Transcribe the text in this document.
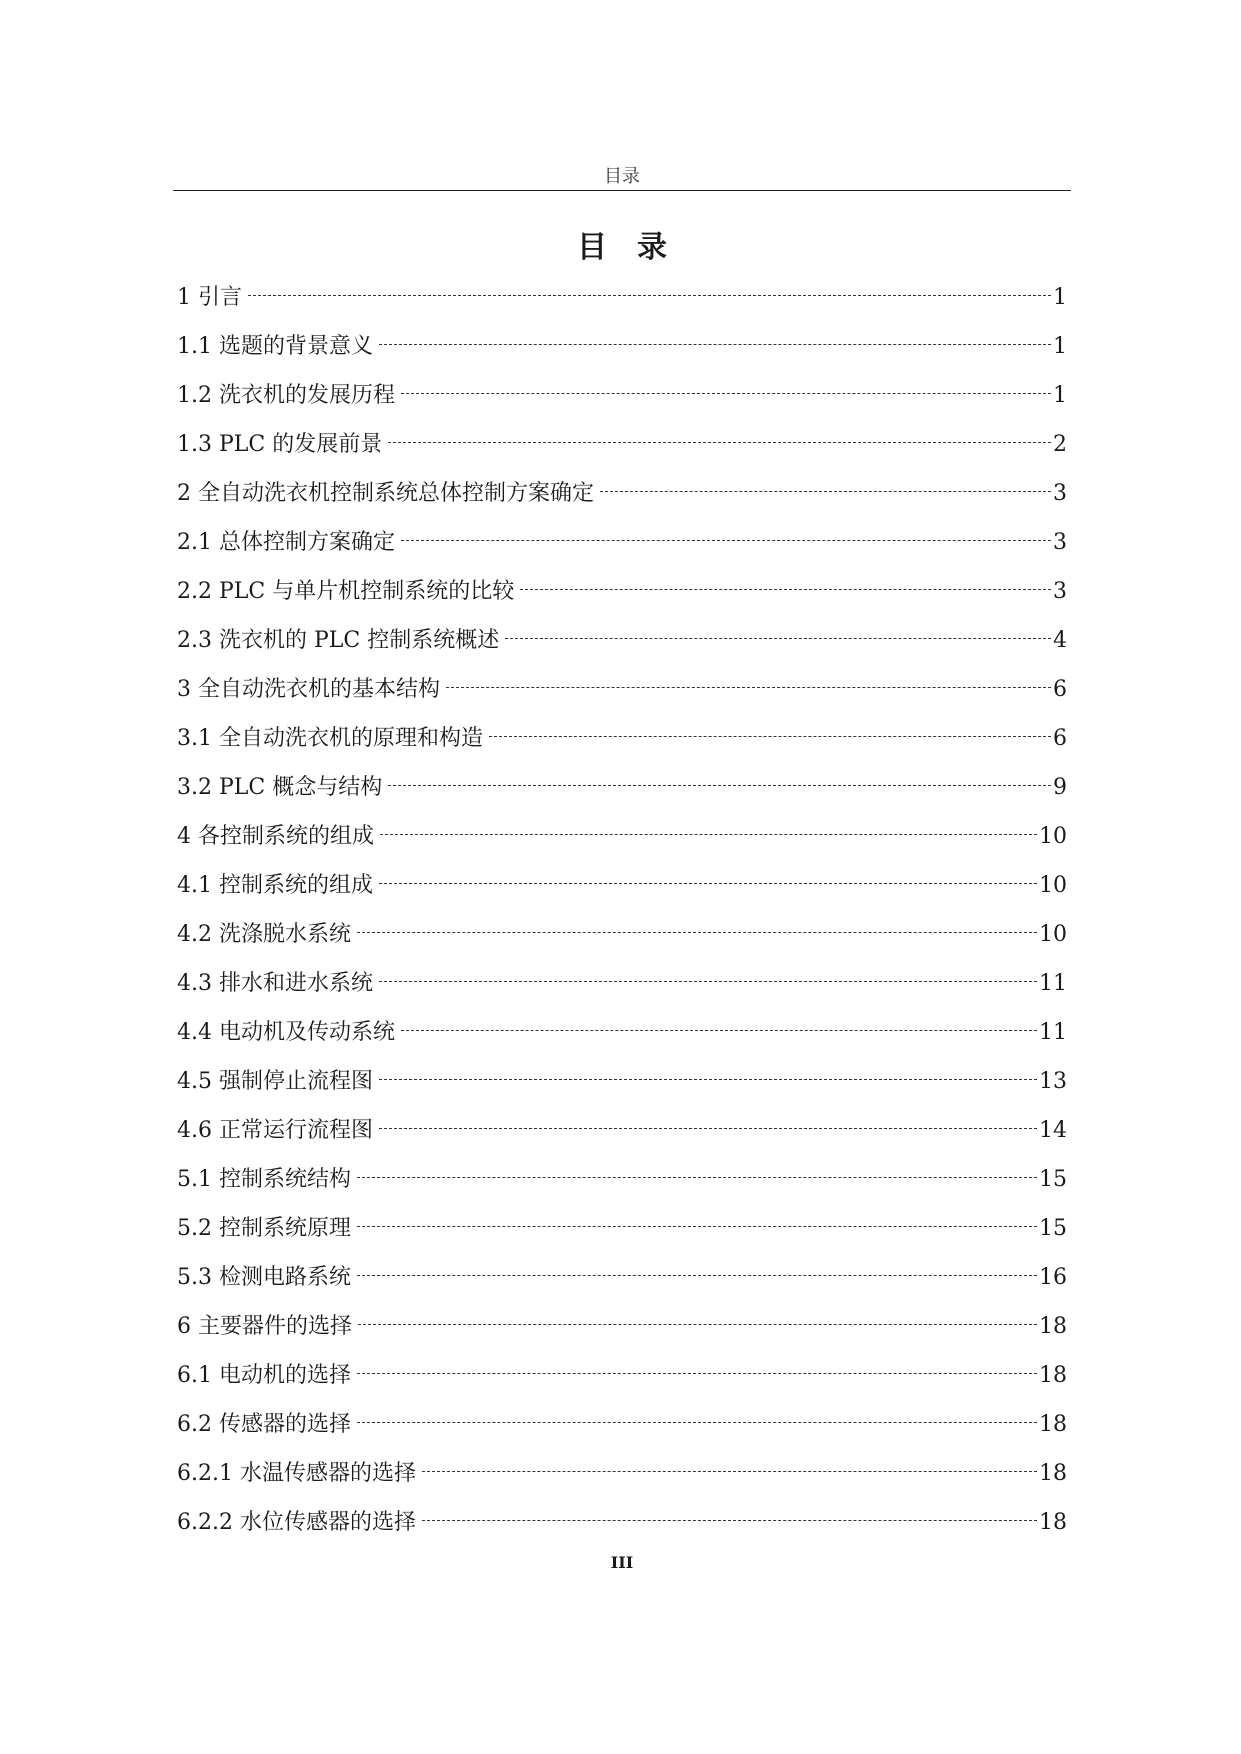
目录
目录
1 引言	1
1.1 选题的背景意义	1
1.2 洗衣机的发展历程	1
1.3 PLC 的发展前景	2
2 全自动洗衣机控制系统总体控制方案确定	3
2.1 总体控制方案确定	3
2.2 PLC 与单片机控制系统的比较	3
2.3 洗衣机的 PLC 控制系统概述	4
3 全自动洗衣机的基本结构	6
3.1 全自动洗衣机的原理和构造	6
3.2 PLC 概念与结构	9
4 各控制系统的组成	10
4.1 控制系统的组成	10
4.2 洗涤脱水系统	10
4.3 排水和进水系统	11
4.4 电动机及传动系统	11
4.5 强制停止流程图	13
4.6 正常运行流程图	14
5.1 控制系统结构	15
5.2 控制系统原理	15
5.3 检测电路系统	16
6 主要器件的选择	18
6.1 电动机的选择	18
6.2 传感器的选择	18
6.2.1 水温传感器的选择	18
6.2.2 水位传感器的选择	18
III
